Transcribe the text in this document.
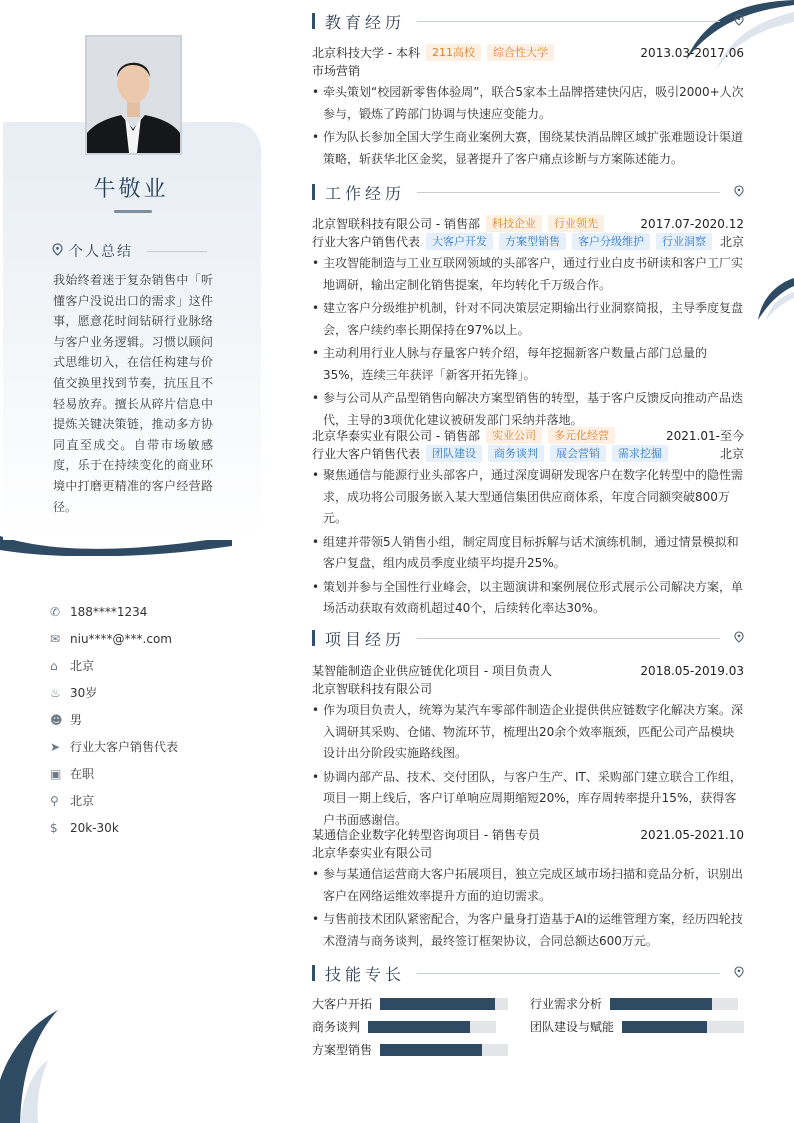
牛敬业
个人总结
我始终着迷于复杂销售中「听懂客户没说出口的需求」这件事，愿意花时间钻研行业脉络与客户业务逻辑。习惯以顾问式思维切入，在信任构建与价值交换里找到节奏，抗压且不轻易放弃。擅长从碎片信息中提炼关键决策链，推动多方协同直至成交。自带市场敏感度，乐于在持续变化的商业环境中打磨更精准的客户经营路径。
✆ 188****1234
✉ niu****@***.com
⌂	北京
♨ 30岁
☻ 男
➤ 行业大客户销售代表
▣ 在职
⚲ 北京
$	20k-30k
教育经历
北京科技大学 - 本科	211高校	综合性大学	2013.03-2017.06
市场营销
• 牵头策划“校园新零售体验周”，联合5家本土品牌搭建快闪店，吸引2000+人次参与，锻炼了跨部门协调与快速应变能力。
• 作为队长参加全国大学生商业案例大赛，围绕某快消品牌区域扩张难题设计渠道策略，斩获华北区金奖，显著提升了客户痛点诊断与方案陈述能力。
工作经历
北京智联科技有限公司 - 销售部	科技企业	行业领先	2017.07-2020.12
行业大客户销售代表	大客户开发	方案型销售	客户分级维护	行业洞察	北京
• 主攻智能制造与工业互联网领域的头部客户，通过行业白皮书研读和客户工厂实地调研，输出定制化销售提案，年均转化千万级合作。
• 建立客户分级维护机制，针对不同决策层定期输出行业洞察简报，主导季度复盘会，客户续约率长期保持在97%以上。
• 主动利用行业人脉与存量客户转介绍，每年挖掘新客户数量占部门总量的35%，连续三年获评「新客开拓先锋」。
• 参与公司从产品型销售向解决方案型销售的转型，基于客户反馈反向推动产品迭代，主导的3项优化建议被研发部门采纳并落地。
北京华泰实业有限公司 - 销售部	实业公司	多元化经营	2021.01-至今
行业大客户销售代表	团队建设	商务谈判	展会营销	需求挖掘	北京
• 聚焦通信与能源行业头部客户，通过深度调研发现客户在数字化转型中的隐性需求，成功将公司服务嵌入某大型通信集团供应商体系，年度合同额突破800万元。
• 组建并带领5人销售小组，制定周度目标拆解与话术演练机制，通过情景模拟和客户复盘，组内成员季度业绩平均提升25%。
• 策划并参与全国性行业峰会，以主题演讲和案例展位形式展示公司解决方案，单场活动获取有效商机超过40个，后续转化率达30%。
项目经历
某智能制造企业供应链优化项目 - 项目负责人	2018.05-2019.03
北京智联科技有限公司
• 作为项目负责人，统筹为某汽车零部件制造企业提供供应链数字化解决方案。深入调研其采购、仓储、物流环节，梳理出20余个效率瓶颈，匹配公司产品模块设计出分阶段实施路线图。
• 协调内部产品、技术、交付团队，与客户生产、IT、采购部门建立联合工作组，项目一期上线后，客户订单响应周期缩短20%，库存周转率提升15%，获得客户书面感谢信。
某通信企业数字化转型咨询项目 - 销售专员	2021.05-2021.10
北京华泰实业有限公司
• 参与某通信运营商大客户拓展项目，独立完成区域市场扫描和竞品分析，识别出客户在网络运维效率提升方面的迫切需求。
• 与售前技术团队紧密配合，为客户量身打造基于AI的运维管理方案，经历四轮技术澄清与商务谈判，最终签订框架协议，合同总额达600万元。
技能专长
大客户开拓	行业需求分析
商务谈判	团队建设与赋能
方案型销售
